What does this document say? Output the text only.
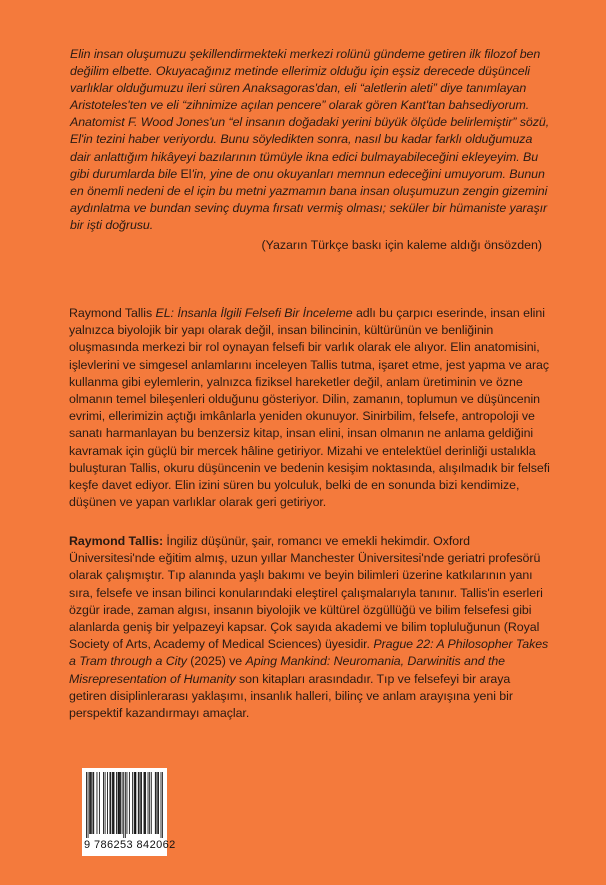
Elin insan oluşumuzu şekillendirmekteki merkezi rolünü gündeme getiren ilk filozof ben değilim elbette. Okuyacağınız metinde ellerimiz olduğu için eşsiz derecede düşünceli varlıklar olduğumuzu ileri süren Anaksagoras'dan, eli “aletlerin aleti” diye tanımlayan Aristoteles'ten ve eli “zihnimize açılan pencere” olarak gören Kant'tan bahsediyorum. Anatomist F. Wood Jones'un “el insanın doğadaki yerini büyük ölçüde belirlemiştir” sözü, El'in tezini haber veriyordu. Bunu söyledikten sonra, nasıl bu kadar farklı olduğumuza dair anlattığım hikâyeyi bazılarının tümüyle ikna edici bulmayabileceğini ekleyeyim. Bu gibi durumlarda bile El'in, yine de onu okuyanları memnun edeceğini umuyorum. Bunun en önemli nedeni de el için bu metni yazmamın bana insan oluşumuzun zengin gizemini aydınlatma ve bundan sevinç duyma fırsatı vermiş olması; seküler bir hümaniste yaraşır bir işti doğrusu.

(Yazarın Türkçe baskı için kaleme aldığı önsözden)

Raymond Tallis EL: İnsanla İlgili Felsefi Bir İnceleme adlı bu çarpıcı eserinde, insan elini yalnızca biyolojik bir yapı olarak değil, insan bilincinin, kültürünün ve benliğinin oluşmasında merkezi bir rol oynayan felsefi bir varlık olarak ele alıyor. Elin anatomisini, işlevlerini ve simgesel anlamlarını inceleyen Tallis tutma, işaret etme, jest yapma ve araç kullanma gibi eylemlerin, yalnızca fiziksel hareketler değil, anlam üretiminin ve özne olmanın temel bileşenleri olduğunu gösteriyor. Dilin, zamanın, toplumun ve düşüncenin evrimi, ellerimizin açtığı imkânlarla yeniden okunuyor. Sinirbilim, felsefe, antropoloji ve sanatı harmanlayan bu benzersiz kitap, insan elini, insan olmanın ne anlama geldiğini kavramak için güçlü bir mercek hâline getiriyor. Mizahi ve entelektüel derinliği ustalıkla buluşturan Tallis, okuru düşüncenin ve bedenin kesişim noktasında, alışılmadık bir felsefi keşfe davet ediyor. Elin izini süren bu yolculuk, belki de en sonunda bizi kendimize, düşünen ve yapan varlıklar olarak geri getiriyor.

Raymond Tallis: İngiliz düşünür, şair, romancı ve emekli hekimdir. Oxford Üniversitesi'nde eğitim almış, uzun yıllar Manchester Üniversitesi'nde geriatri profesörü olarak çalışmıştır. Tıp alanında yaşlı bakımı ve beyin bilimleri üzerine katkılarının yanı sıra, felsefe ve insan bilinci konularındaki eleştirel çalışmalarıyla tanınır. Tallis'in eserleri özgür irade, zaman algısı, insanın biyolojik ve kültürel özgüllüğü ve bilim felsefesi gibi alanlarda geniş bir yelpazeyi kapsar. Çok sayıda akademi ve bilim topluluğunun (Royal Society of Arts, Academy of Medical Sciences) üyesidir. Prague 22: A Philosopher Takes a Tram through a City (2025) ve Aping Mankind: Neuromania, Darwinitis and the Misrepresentation of Humanity son kitapları arasındadır. Tıp ve felsefeyi bir araya getiren disiplinlerarası yaklaşımı, insanlık halleri, bilinç ve anlam arayışına yeni bir perspektif kazandırmayı amaçlar.

9 786253 842062
